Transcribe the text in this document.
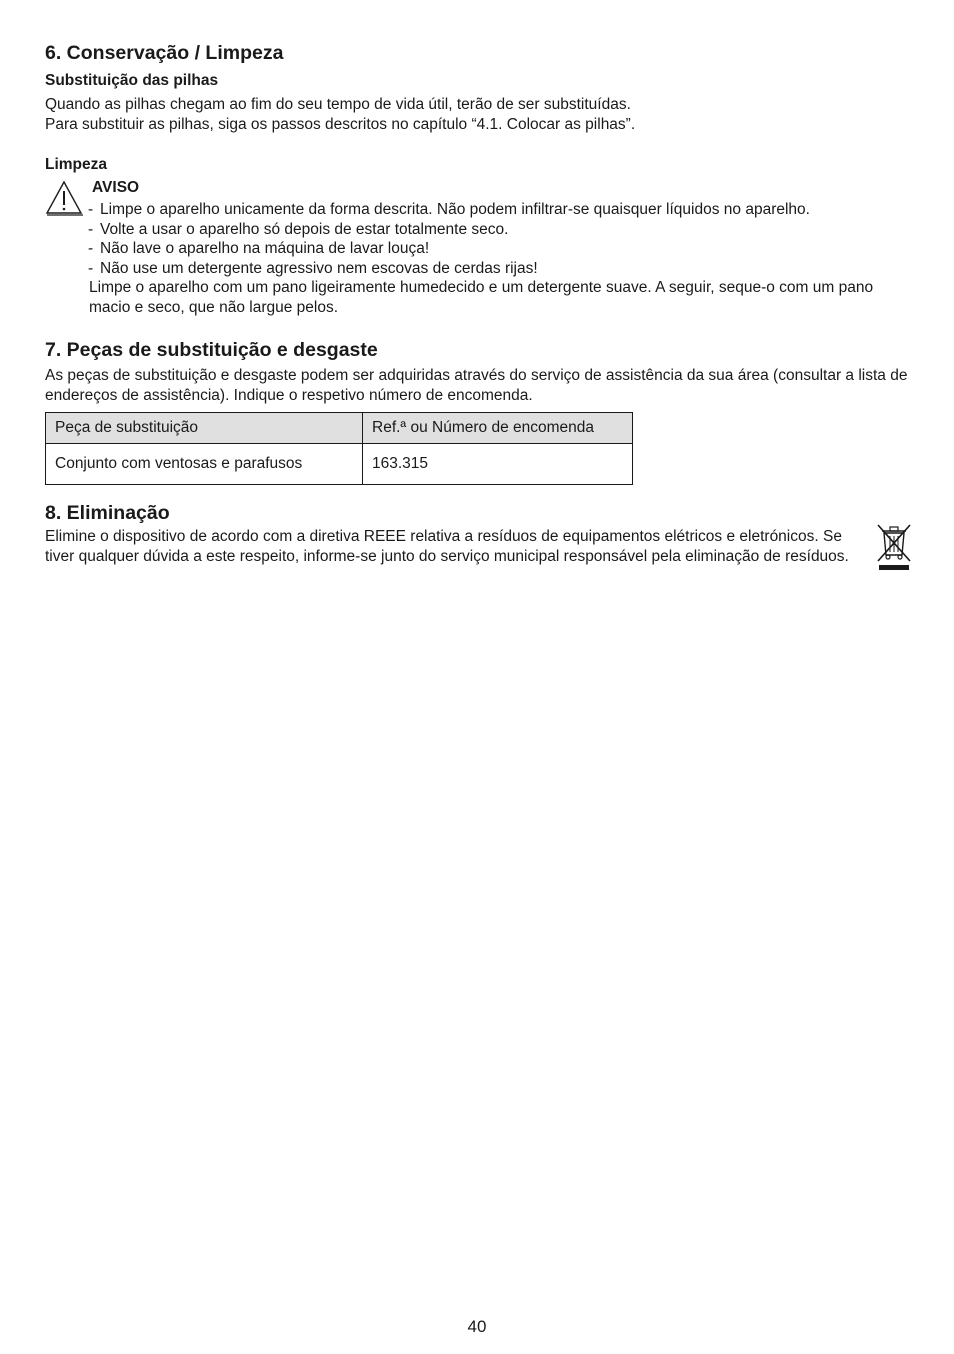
6. Conservação / Limpeza
Substituição das pilhas

Quando as pilhas chegam ao fim do seu tempo de vida útil, terão de ser substituídas.

Para substituir as pilhas, siga os passos descritos no capítulo “4.1. Colocar as pilhas”.

Limpeza
AVISO
- Limpe o aparelho unicamente da forma descrita. Não podem infiltrar-se quaisquer líquidos no aparelho.
- Volte a usar o aparelho só depois de estar totalmente seco.
- Não lave o aparelho na máquina de lavar louça!
- Não use um detergente agressivo nem escovas de cerdas rijas!
Limpe o aparelho com um pano ligeiramente humedecido e um detergente suave. A seguir, seque-o com um pano macio e seco, que não largue pelos.
7. Peças de substituição e desgaste

As peças de substituição e desgaste podem ser adquiridas através do serviço de assistência da sua área (consultar a lista de endereços de assistência). Indique o respetivo número de encomenda.

Peça de substituição	Ref.ª ou Número de encomenda
Conjunto com ventosas e parafusos	163.315
8. Eliminação

Elimine o dispositivo de acordo com a diretiva REEE relativa a resíduos de equipamentos elétricos e eletrónicos. Se tiver qualquer dúvida a este respeito, informe-se junto do serviço municipal responsável pela eliminação de resíduos.

40
